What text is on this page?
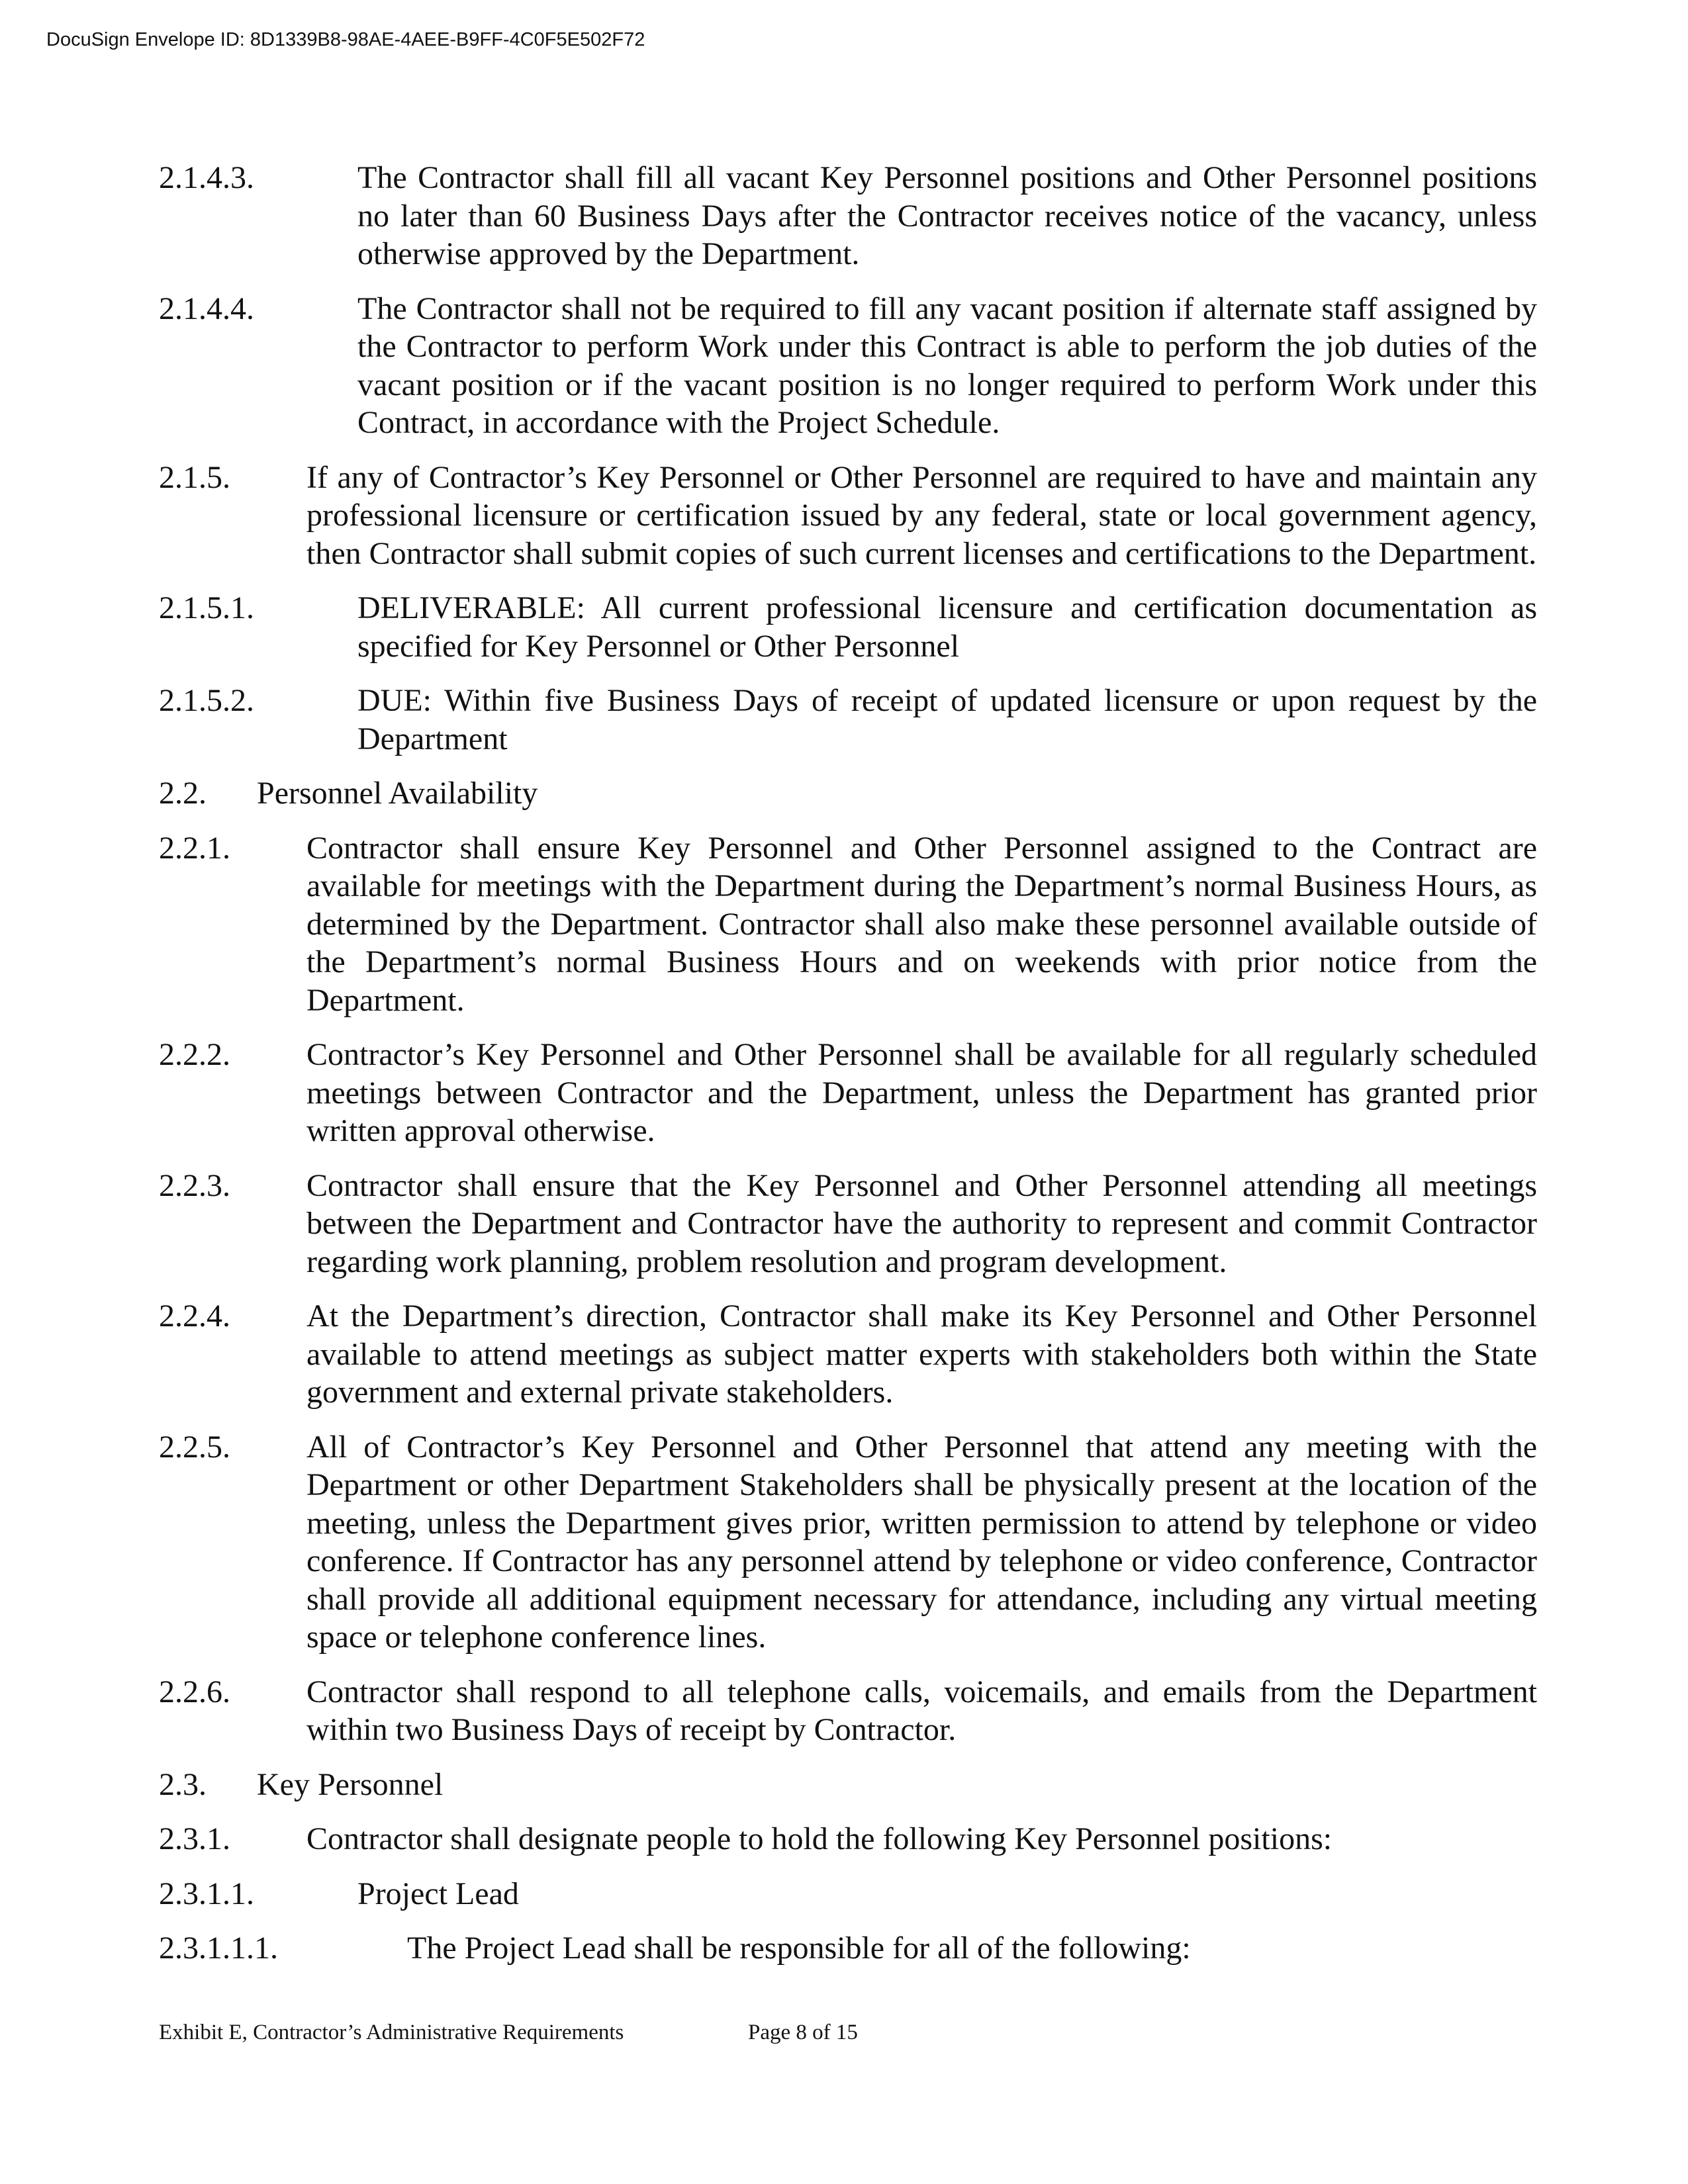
DocuSign Envelope ID: 8D1339B8-98AE-4AEE-B9FF-4C0F5E502F72
2.1.4.3.	The Contractor shall fill all vacant Key Personnel positions and Other Personnel positions no later than 60 Business Days after the Contractor receives notice of the vacancy, unless otherwise approved by the Department.
2.1.4.4.	The Contractor shall not be required to fill any vacant position if alternate staff assigned by the Contractor to perform Work under this Contract is able to perform the job duties of the vacant position or if the vacant position is no longer required to perform Work under this Contract, in accordance with the Project Schedule.
2.1.5. If any of Contractor’s Key Personnel or Other Personnel are required to have and maintain any professional licensure or certification issued by any federal, state or local government agency, then Contractor shall submit copies of such current licenses and certifications to the Department.
2.1.5.1.	DELIVERABLE: All current professional licensure and certification documentation as specified for Key Personnel or Other Personnel
2.1.5.2.	DUE: Within five Business Days of receipt of updated licensure or upon request by the Department
2.2. Personnel Availability
2.2.1. Contractor shall ensure Key Personnel and Other Personnel assigned to the Contract are available for meetings with the Department during the Department’s normal Business Hours, as determined by the Department. Contractor shall also make these personnel available outside of the Department’s normal Business Hours and on weekends with prior notice from the Department.
2.2.2. Contractor’s Key Personnel and Other Personnel shall be available for all regularly scheduled meetings between Contractor and the Department, unless the Department has granted prior written approval otherwise.
2.2.3. Contractor shall ensure that the Key Personnel and Other Personnel attending all meetings between the Department and Contractor have the authority to represent and commit Contractor regarding work planning, problem resolution and program development.
2.2.4. At the Department’s direction, Contractor shall make its Key Personnel and Other Personnel available to attend meetings as subject matter experts with stakeholders both within the State government and external private stakeholders.
2.2.5. All of Contractor’s Key Personnel and Other Personnel that attend any meeting with the Department or other Department Stakeholders shall be physically present at the location of the meeting, unless the Department gives prior, written permission to attend by telephone or video conference. If Contractor has any personnel attend by telephone or video conference, Contractor shall provide all additional equipment necessary for attendance, including any virtual meeting space or telephone conference lines.
2.2.6. Contractor shall respond to all telephone calls, voicemails, and emails from the Department within two Business Days of receipt by Contractor.
2.3. Key Personnel
2.3.1. Contractor shall designate people to hold the following Key Personnel positions:
2.3.1.1.	Project Lead
2.3.1.1.1.	The Project Lead shall be responsible for all of the following:
Exhibit E, Contractor’s Administrative Requirements	Page 8 of 15
